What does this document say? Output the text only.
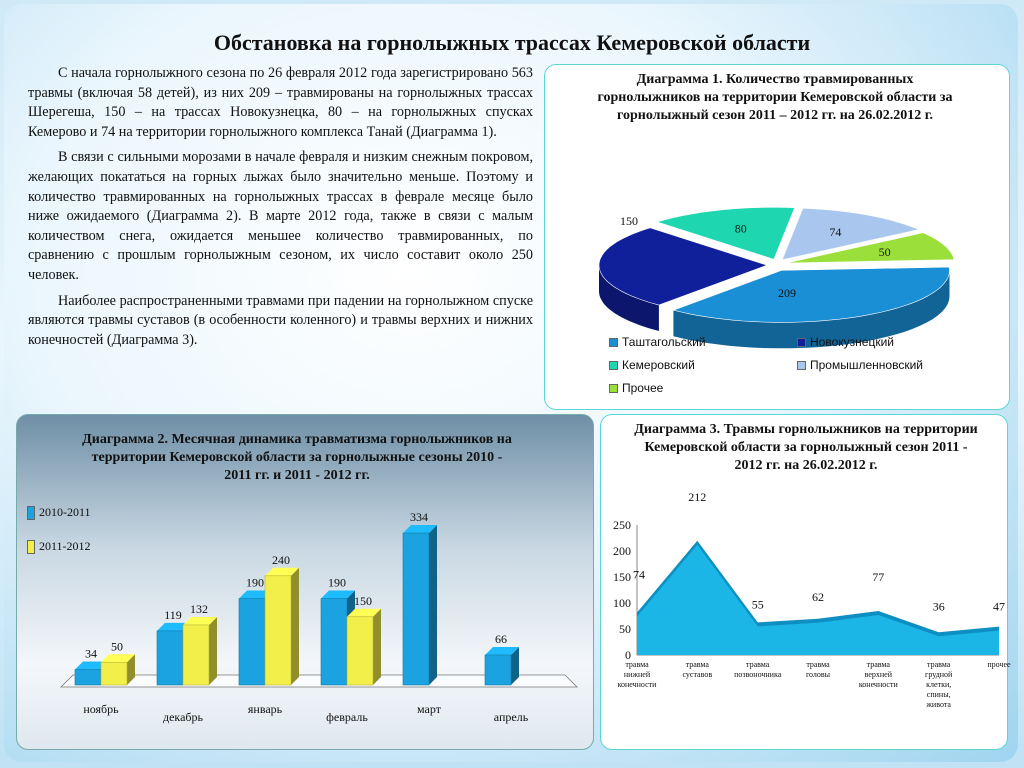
Обстановка на горнолыжных трассах Кемеровской области

С начала горнолыжного сезона по 26 февраля 2012 года зарегистрировано 563 травмы (включая 58 детей), из них 209 – травмированы на горнолыжных трассах Шерегеша, 150 – на трассах Новокузнецка, 80 – на горнолыжных спусках Кемерово и 74 на территории горнолыжного комплекса Танай (Диаграмма 1).

В связи с сильными морозами в начале февраля и низким снежным покровом, желающих покататься на горных лыжах было значительно меньше. Поэтому и количество травмированных на горнолыжных трассах в феврале месяце было ниже ожидаемого (Диаграмма 2). В марте 2012 года, также в связи с малым количеством снега, ожидается меньшее количество травмированных, по сравнению с прошлым горнолыжным сезоном, их число составит около 250 человек.

Наиболее распространенными травмами при падении на горнолыжном спуске являются травмы суставов (в особенности коленного) и травмы верхних и нижних конечностей (Диаграмма 3).

Диаграмма 1. Количество травмированных горнолыжников на территории Кемеровской области за горнолыжный сезон 2011 – 2012 гг. на 26.02.2012 г.
209
150
80	74
50
Таштагольский	Новокузнецкий
Кемеровский	Промышленновский
Прочее
Диаграмма 2. Месячная динамика травматизма горнолыжников на территории Кемеровской области за горнолыжные сезоны 2010 - 2011 гг. и 2011 - 2012 гг.
2010-2011
2011-2012
34
50
ноябрь
119 132
декабрь
190
240
январь
190
150
февраль
334
март
66
апрель
Диаграмма 3. Травмы горнолыжников на территории Кемеровской области за горнолыжный сезон 2011 - 2012 гг. на 26.02.2012 г.
250
200
150
100
50
0
74
212
55
62
77
36	47
травма нижней конечности
травма суставов
травма позвоночника
травма головы
травма верхней конечности
травма грудной клетки, спины, живота
прочее
